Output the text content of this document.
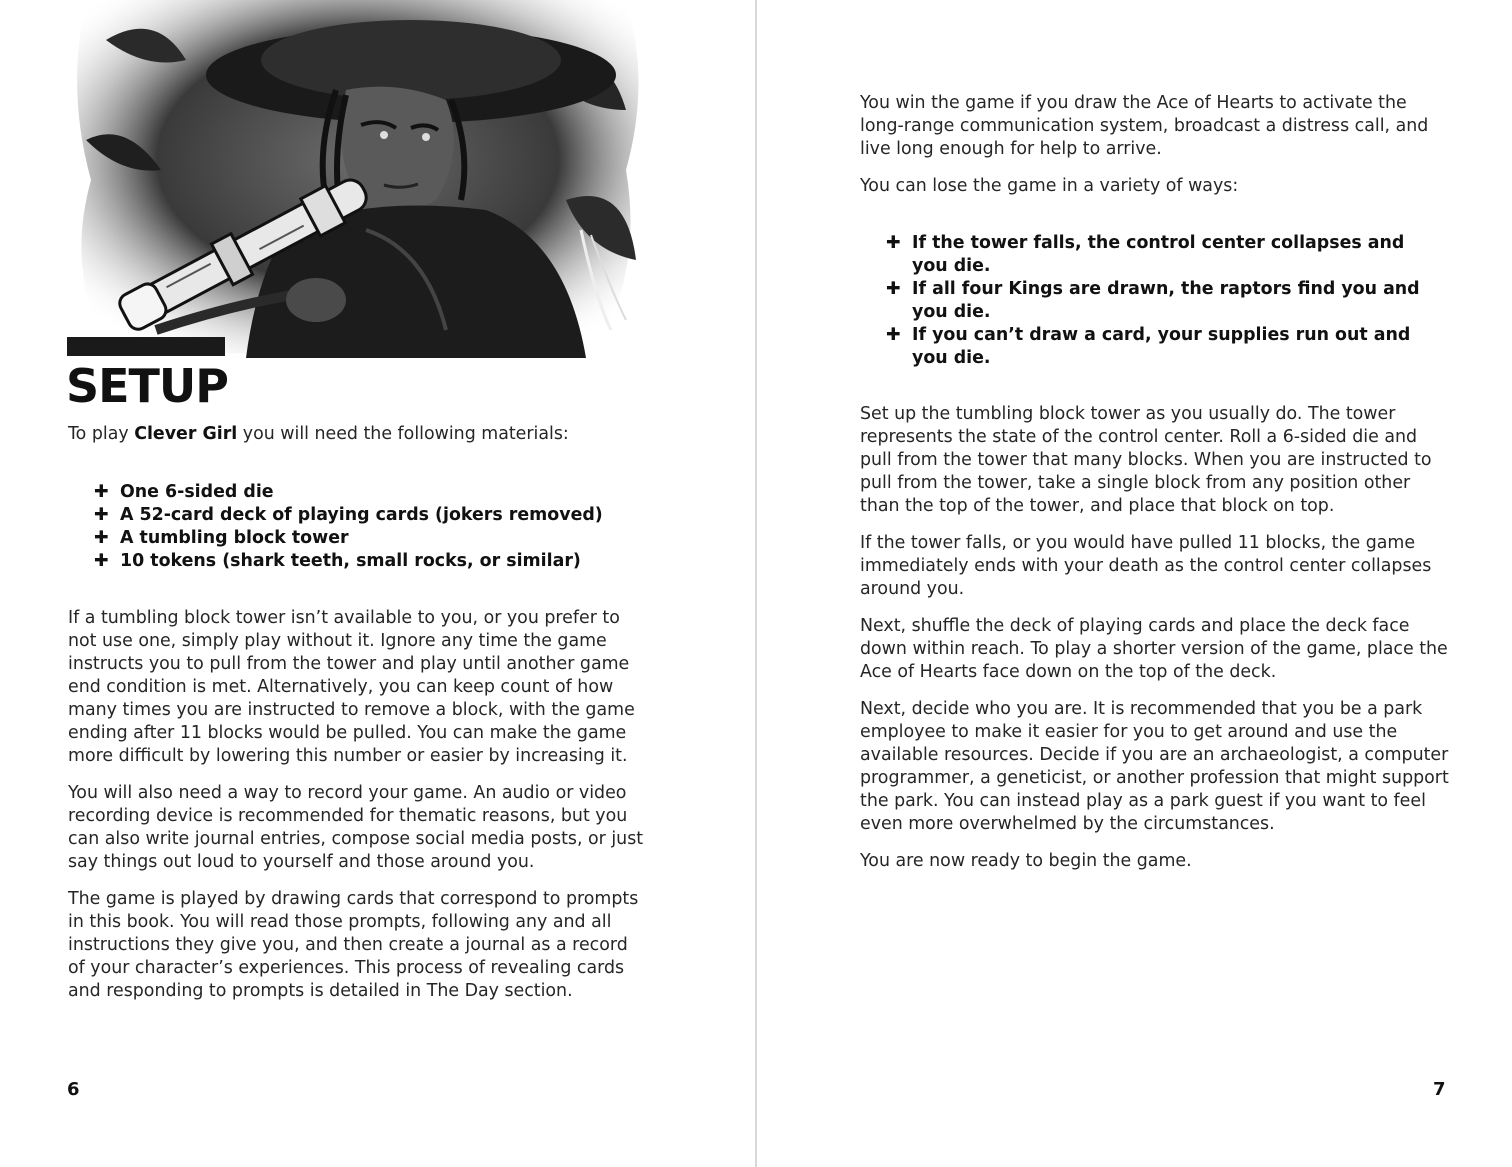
SETUP
To play Clever Girl you will need the following materials:
✚ One 6-sided die
✚ A 52-card deck of playing cards (jokers removed)
✚ A tumbling block tower
✚ 10 tokens (shark teeth, small rocks, or similar)

If a tumbling block tower isn’t available to you, or you prefer to not use one, simply play without it. Ignore any time the game instructs you to pull from the tower and play until another game end condition is met. Alternatively, you can keep count of how many times you are instructed to remove a block, with the game ending after 11 blocks would be pulled. You can make the game more difficult by lowering this number or easier by increasing it.

You will also need a way to record your game. An audio or video recording device is recommended for thematic reasons, but you can also write journal entries, compose social media posts, or just say things out loud to yourself and those around you.

The game is played by drawing cards that correspond to prompts in this book. You will read those prompts, following any and all instructions they give you, and then create a journal as a record of your character’s experiences. This process of revealing cards and responding to prompts is detailed in The Day section.

6

You win the game if you draw the Ace of Hearts to activate the long-range communication system, broadcast a distress call, and live long enough for help to arrive.

You can lose the game in a variety of ways:

✚ If the tower falls, the control center collapses and you die.
✚ If all four Kings are drawn, the raptors find you and you die.
✚ If you can’t draw a card, your supplies run out and you die.

Set up the tumbling block tower as you usually do. The tower represents the state of the control center. Roll a 6-sided die and pull from the tower that many blocks. When you are instructed to pull from the tower, take a single block from any position other than the top of the tower, and place that block on top.

If the tower falls, or you would have pulled 11 blocks, the game immediately ends with your death as the control center collapses around you.

Next, shuffle the deck of playing cards and place the deck face down within reach. To play a shorter version of the game, place the Ace of Hearts face down on the top of the deck.

Next, decide who you are. It is recommended that you be a park employee to make it easier for you to get around and use the available resources. Decide if you are an archaeologist, a computer programmer, a geneticist, or another profession that might support the park. You can instead play as a park guest if you want to feel even more overwhelmed by the circumstances.

You are now ready to begin the game.

7
